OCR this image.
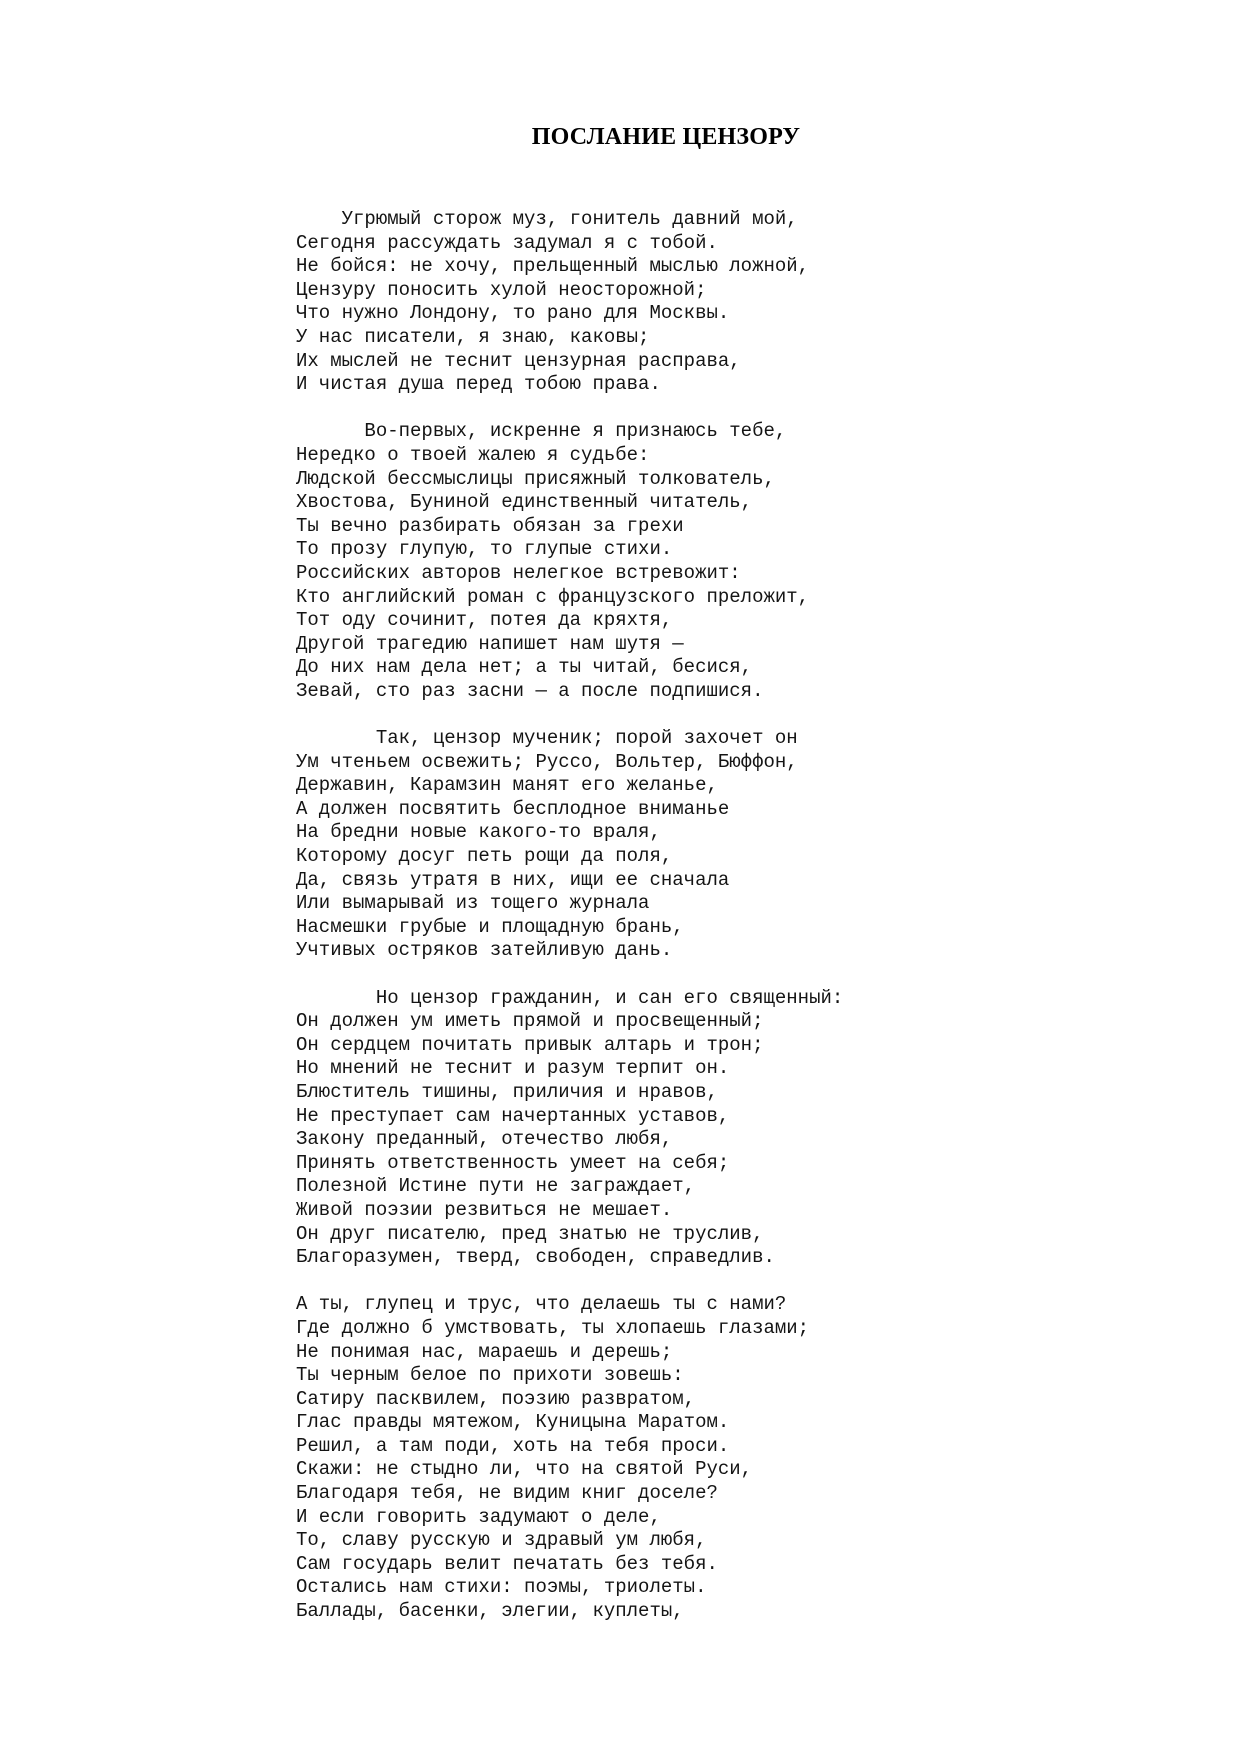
ПОСЛАНИЕ ЦЕНЗОРУ
Угрюмый сторож муз, гонитель давний мой,
Сегодня рассуждать задумал я с тобой.
Не бойся: не хочу, прельщенный мыслью ложной,
Цензуру поносить хулой неосторожной;
Что нужно Лондону, то рано для Москвы.
У нас писатели, я знаю, каковы;
Их мыслей не теснит цензурная расправа,
И чистая душа перед тобою права.
Во-первых, искренне я признаюсь тебе,
Нередко о твоей жалею я судьбе:
Людской бессмыслицы присяжный толкователь,
Хвостова, Буниной единственный читатель,
Ты вечно разбирать обязан за грехи
То прозу глупую, то глупые стихи.
Российских авторов нелегкое встревожит:
Кто английский роман с французского преложит,
Тот оду сочинит, потея да кряхтя,
Другой трагедию напишет нам шутя —
До них нам дела нет; а ты читай, бесися,
Зевай, сто раз засни — а после подпишися.
Так, цензор мученик; порой захочет он
Ум чтеньем освежить; Руссо, Вольтер, Бюффон,
Державин, Карамзин манят его желанье,
А должен посвятить бесплодное вниманье
На бредни новые какого-то враля,
Которому досуг петь рощи да поля,
Да, связь утратя в них, ищи ее сначала
Или вымарывай из тощего журнала
Насмешки грубые и площадную брань,
Учтивых остряков затейливую дань.
Но цензор гражданин, и сан его священный:
Он должен ум иметь прямой и просвещенный;
Он сердцем почитать привык алтарь и трон;
Но мнений не теснит и разум терпит он.
Блюститель тишины, приличия и нравов,
Не преступает сам начертанных уставов,
Закону преданный, отечество любя,
Принять ответственность умеет на себя;
Полезной Истине пути не заграждает,
Живой поэзии резвиться не мешает.
Он друг писателю, пред знатью не труслив,
Благоразумен, тверд, свободен, справедлив.
А ты, глупец и трус, что делаешь ты с нами?
Где должно б умствовать, ты хлопаешь глазами;
Не понимая нас, мараешь и дерешь;
Ты черным белое по прихоти зовешь:
Сатиру пасквилем, поэзию развратом,
Глас правды мятежом, Куницына Маратом.
Решил, а там поди, хоть на тебя проси.
Скажи: не стыдно ли, что на святой Руси,
Благодаря тебя, не видим книг доселе?
И если говорить задумают о деле,
То, славу русскую и здравый ум любя,
Сам государь велит печатать без тебя.
Остались нам стихи: поэмы, триолеты.
Баллады, басенки, элегии, куплеты,
